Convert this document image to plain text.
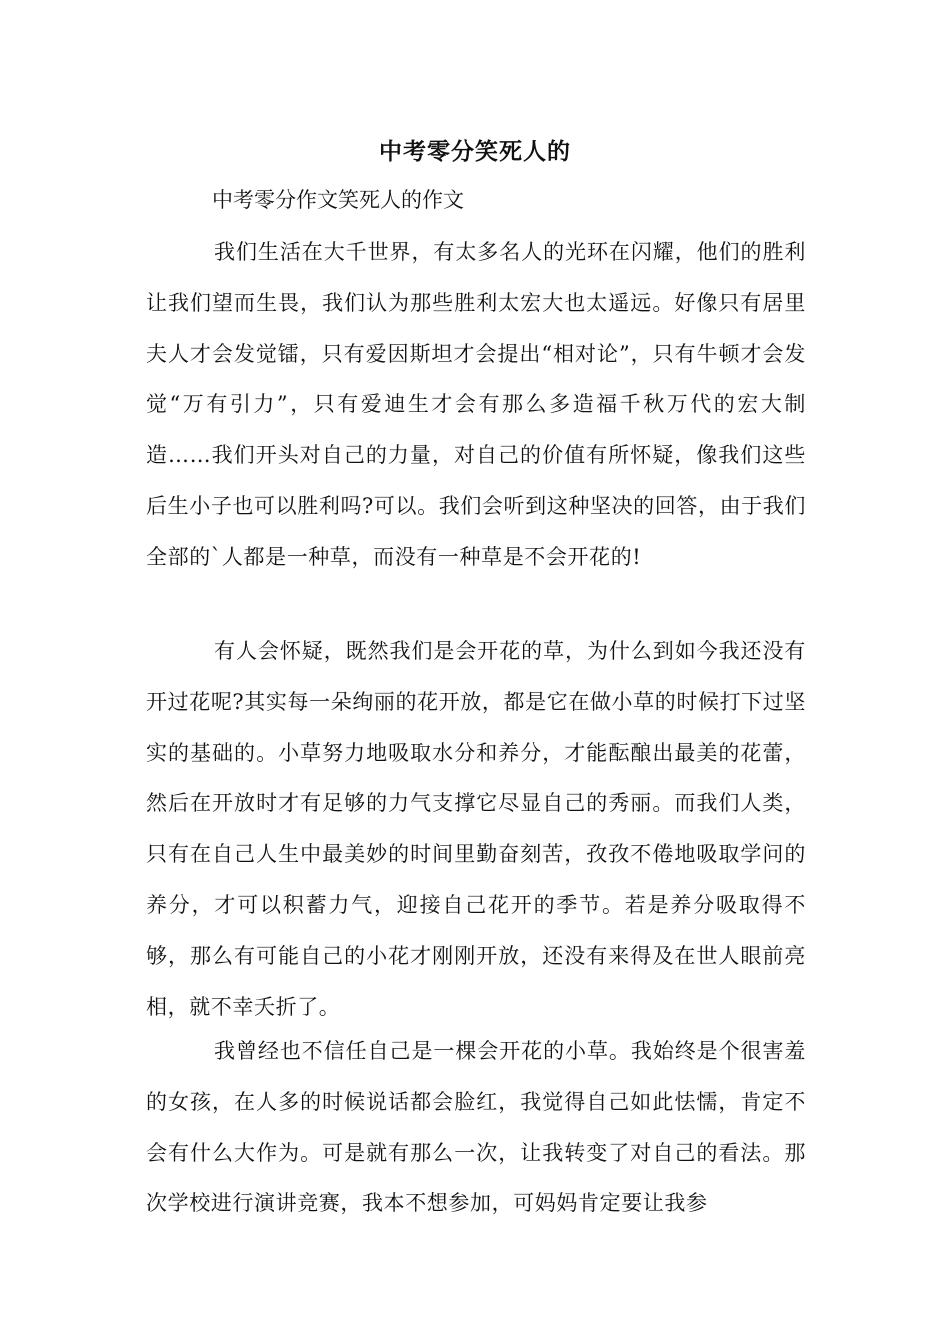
中考零分笑死人的

中考零分作文笑死人的作文

我们生活在大千世界，有太多名人的光环在闪耀，他们的胜利让我们望而生畏，我们认为那些胜利太宏大也太遥远。好像只有居里夫人才会发觉镭，只有爱因斯坦才会提出“相对论”，只有牛顿才会发觉“万有引力”，只有爱迪生才会有那么多造福千秋万代的宏大制造……我们开头对自己的力量，对自己的价值有所怀疑，像我们这些后生小子也可以胜利吗?可以。我们会听到这种坚决的回答，由于我们全部的`人都是一种草，而没有一种草是不会开花的!

有人会怀疑，既然我们是会开花的草，为什么到如今我还没有开过花呢?其实每一朵绚丽的花开放，都是它在做小草的时候打下过坚实的基础的。小草努力地吸取水分和养分，才能酝酿出最美的花蕾，然后在开放时才有足够的力气支撑它尽显自己的秀丽。而我们人类，只有在自己人生中最美妙的时间里勤奋刻苦，孜孜不倦地吸取学问的养分，才可以积蓄力气，迎接自己花开的季节。若是养分吸取得不够，那么有可能自己的小花才刚刚开放，还没有来得及在世人眼前亮相，就不幸夭折了。

我曾经也不信任自己是一棵会开花的小草。我始终是个很害羞的女孩，在人多的时候说话都会脸红，我觉得自己如此怯懦，肯定不会有什么大作为。可是就有那么一次，让我转变了对自己的看法。那次学校进行演讲竞赛，我本不想参加，可妈妈肯定要让我参
